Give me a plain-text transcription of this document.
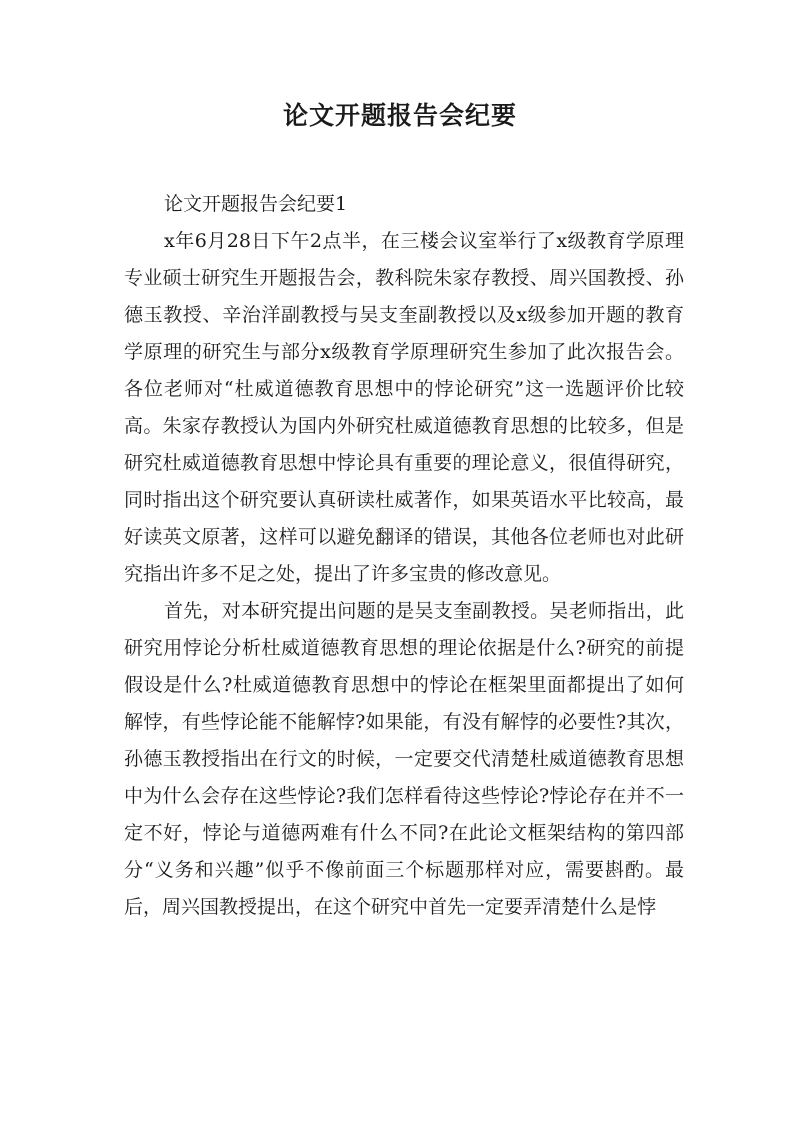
论文开题报告会纪要

论文开题报告会纪要1

x年6月28日下午2点半，在三楼会议室举行了x级教育学原理专业硕士研究生开题报告会，教科院朱家存教授、周兴国教授、孙德玉教授、辛治洋副教授与吴支奎副教授以及x级参加开题的教育学原理的研究生与部分x级教育学原理研究生参加了此次报告会。各位老师对“杜威道德教育思想中的悖论研究”这一选题评价比较高。朱家存教授认为国内外研究杜威道德教育思想的比较多，但是研究杜威道德教育思想中悖论具有重要的理论意义，很值得研究，同时指出这个研究要认真研读杜威著作，如果英语水平比较高，最好读英文原著，这样可以避免翻译的错误，其他各位老师也对此研究指出许多不足之处，提出了许多宝贵的修改意见。

首先，对本研究提出问题的是吴支奎副教授。吴老师指出，此研究用悖论分析杜威道德教育思想的理论依据是什么?研究的前提假设是什么?杜威道德教育思想中的悖论在框架里面都提出了如何解悖，有些悖论能不能解悖?如果能，有没有解悖的必要性?其次，孙德玉教授指出在行文的时候，一定要交代清楚杜威道德教育思想中为什么会存在这些悖论?我们怎样看待这些悖论?悖论存在并不一定不好，悖论与道德两难有什么不同?在此论文框架结构的第四部分“义务和兴趣”似乎不像前面三个标题那样对应，需要斟酌。最后，周兴国教授提出，在这个研究中首先一定要弄清楚什么是悖
